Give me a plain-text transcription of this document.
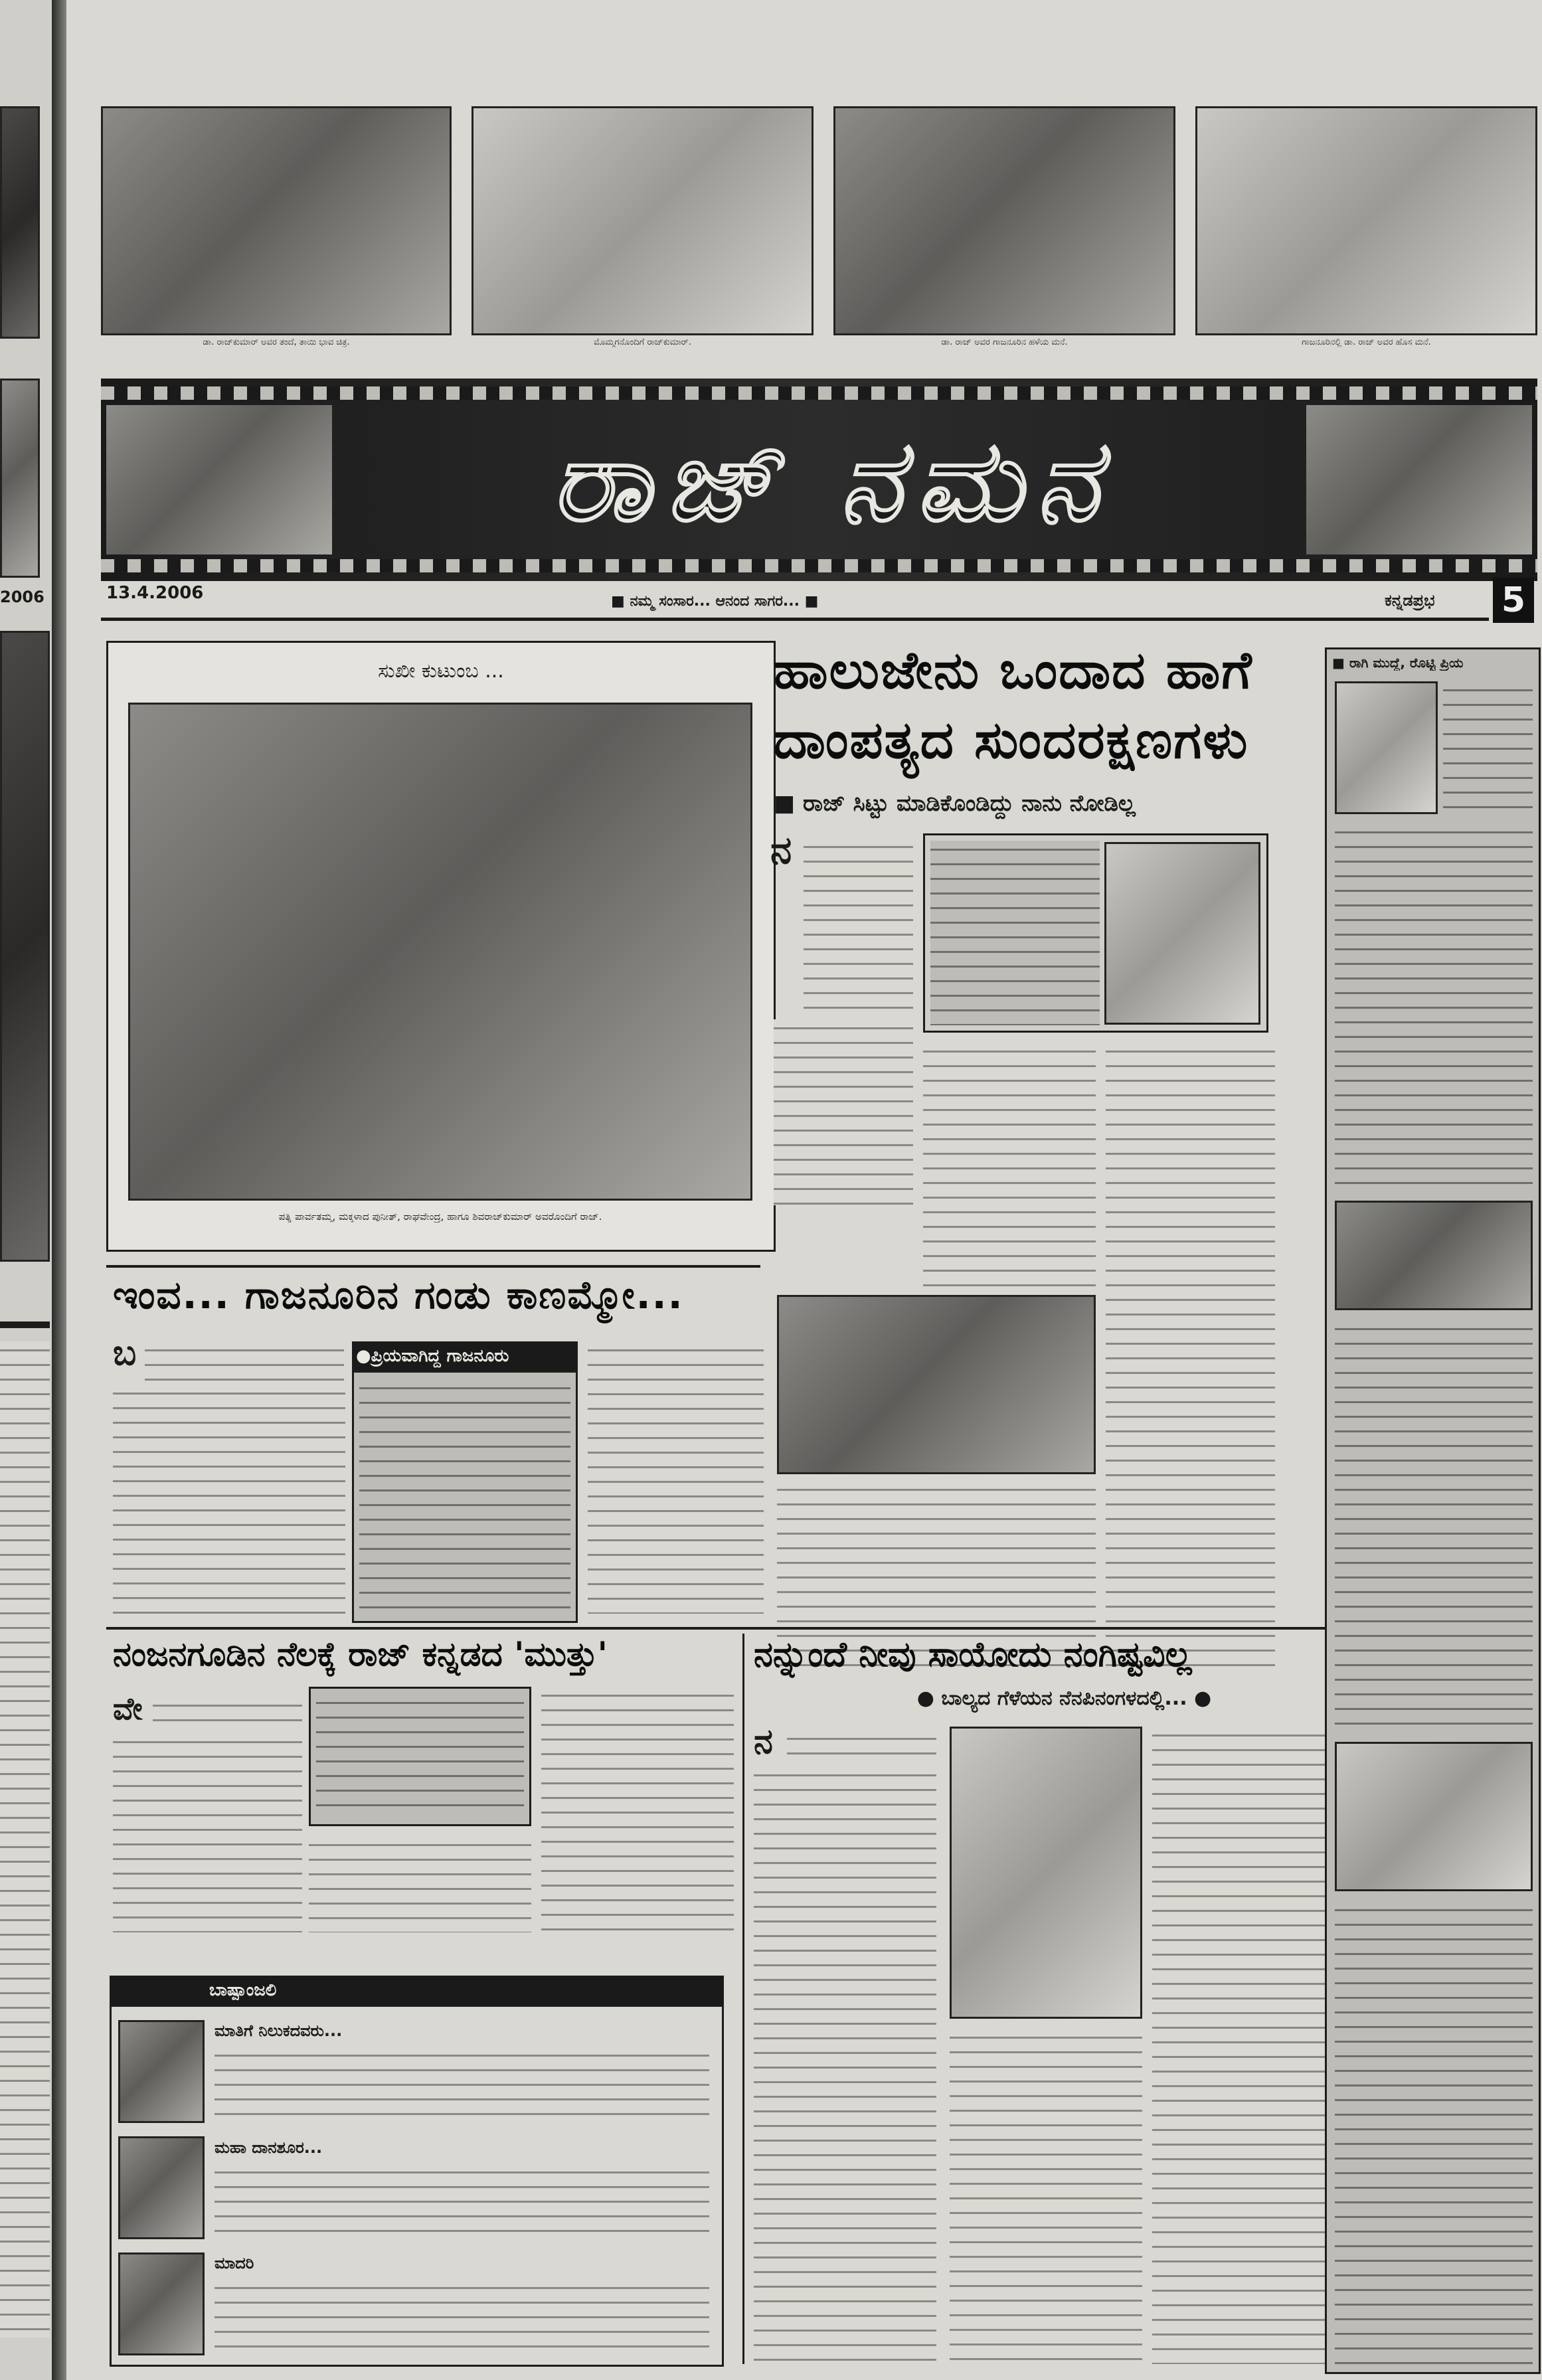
2006
ಡಾ. ರಾಜ್‌ಕುಮಾರ್ ಅವರ ತಂದೆ, ತಾಯಿ ಭಾವ ಚಿತ್ರ.	ಮೊಮ್ಮಗನೊಂದಿಗೆ ರಾಜ್‌ಕುಮಾರ್.	ಡಾ. ರಾಜ್ ಅವರ ಗಾಜನೂರಿನ ಹಳೆಯ ಮನೆ.	ಗಾಜನೂರಿನಲ್ಲಿ ಡಾ. ರಾಜ್ ಅವರ ಹೊಸ ಮನೆ.
ರಾಜ್ ನಮನ
13.4.2006	■ ನಮ್ಮ ಸಂಸಾರ... ಆನಂದ ಸಾಗರ... ■	ಕನ್ನಡಪ್ರಭ 5
ಸುಖೀ ಕುಟುಂಬ ...
ಪತ್ನಿ ಪಾರ್ವತಮ್ಮ, ಮಕ್ಕಳಾದ ಪುನೀತ್, ರಾಘವೇಂದ್ರ, ಹಾಗೂ ಶಿವರಾಜ್‌ಕುಮಾರ್ ಅವರೊಂದಿಗೆ ರಾಜ್.
ಹಾಲುಜೇನು ಒಂದಾದ ಹಾಗೆ
ದಾಂಪತ್ಯದ ಸುಂದರಕ್ಷಣಗಳು
■ ರಾಜ್ ಸಿಟ್ಟು ಮಾಡಿಕೊಂಡಿದ್ದು ನಾನು ನೋಡಿಲ್ಲ
ನ
ಇಂವ... ಗಾಜನೂರಿನ ಗಂಡು ಕಾಣಮ್ಮೋ...
ಬ	●ಪ್ರಿಯವಾಗಿದ್ದ ಗಾಜನೂರು
ನಂಜನಗೂಡಿನ ನೆಲಕ್ಕೆ ರಾಜ್ ಕನ್ನಡದ 'ಮುತ್ತು'
ವೇ
ಬಾಷ್ಪಾಂಜಲಿ
ಮಾತಿಗೆ ನಿಲುಕದವರು...
ಮಹಾ ದಾನಶೂರ...
ಮಾದರಿ
ನನ್ನುಂದೆ ನೀವು ಸಾಯೋದು ನಂಗಿಷ್ಟವಿಲ್ಲ
● ಬಾಲ್ಯದ ಗೆಳೆಯನ ನೆನಪಿನಂಗಳದಲ್ಲಿ... ●
ನ
■ ರಾಗಿ ಮುದ್ದೆ, ರೊಟ್ಟಿ ಪ್ರಿಯ
